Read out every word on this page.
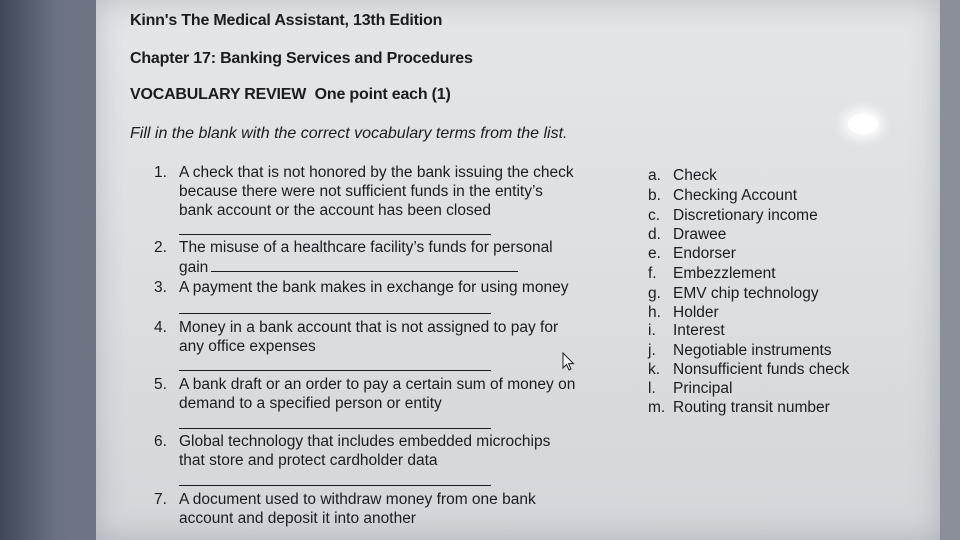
Kinn's The Medical Assistant, 13th Edition
Chapter 17: Banking Services and Procedures
VOCABULARY REVIEW  One point each (1)
Fill in the blank with the correct vocabulary terms from the list.
1. A check that is not honored by the bank issuing the check
because there were not sufficient funds in the entity’s
bank account or the account has been closed
2. The misuse of a healthcare facility’s funds for personal
gain
3. A payment the bank makes in exchange for using money
4. Money in a bank account that is not assigned to pay for
any office expenses
5. A bank draft or an order to pay a certain sum of money on
demand to a specified person or entity
6. Global technology that includes embedded microchips
that store and protect cardholder data
7. A document used to withdraw money from one bank
account and deposit it into another
a. Check
b. Checking Account
c. Discretionary income
d. Drawee
e. Endorser
f. Embezzlement
g. EMV chip technology
h. Holder
i. Interest
j. Negotiable instruments
k. Nonsufficient funds check
l. Principal
m. Routing transit number
